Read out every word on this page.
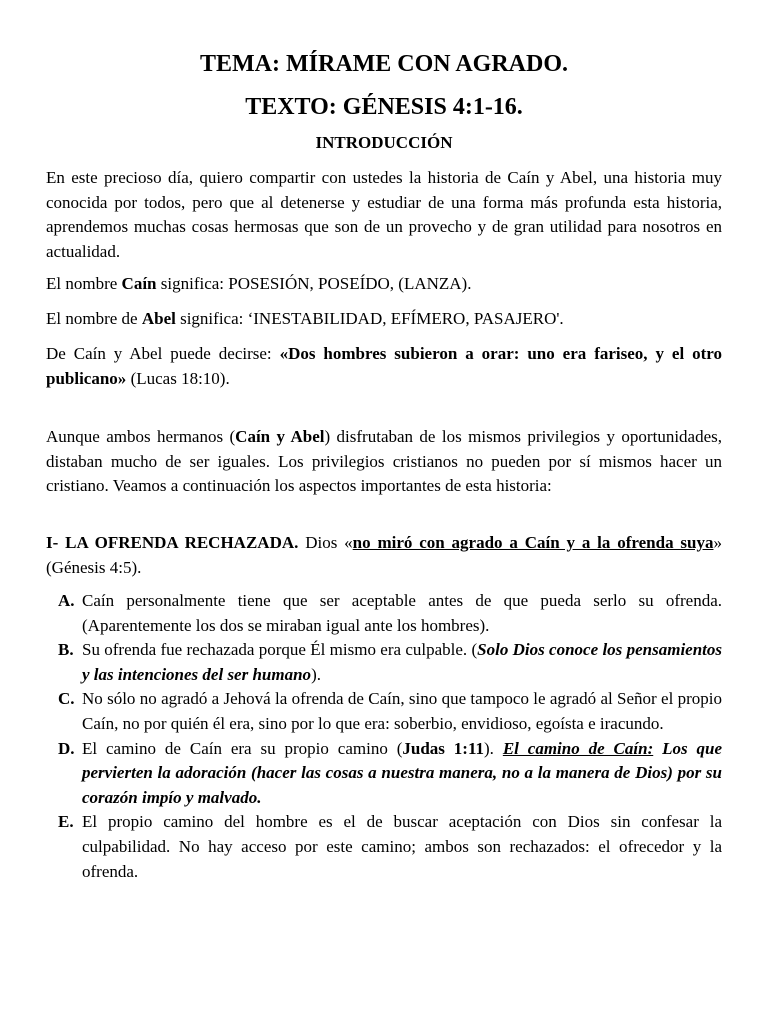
TEMA: MÍRAME CON AGRADO.
TEXTO: GÉNESIS 4:1-16.
INTRODUCCIÓN

En este precioso día, quiero compartir con ustedes la historia de Caín y Abel, una historia muy conocida por todos, pero que al detenerse y estudiar de una forma más profunda esta historia, aprendemos muchas cosas hermosas que son de un provecho y de gran utilidad para nosotros en actualidad.

El nombre Caín significa: POSESIÓN, POSEÍDO, (LANZA).

El nombre de Abel significa: ‘INESTABILIDAD, EFÍMERO, PASAJERO'.

De Caín y Abel puede decirse: «Dos hombres subieron a orar: uno era fariseo, y el otro publicano» (Lucas 18:10).

Aunque ambos hermanos (Caín y Abel) disfrutaban de los mismos privilegios y oportunidades, distaban mucho de ser iguales. Los privilegios cristianos no pueden por sí mismos hacer un cristiano. Veamos a continuación los aspectos importantes de esta historia:

I- LA OFRENDA RECHAZADA. Dios «no miró con agrado a Caín y a la ofrenda suya» (Génesis 4:5).

A. Caín personalmente tiene que ser aceptable antes de que pueda serlo su ofrenda. (Aparentemente los dos se miraban igual ante los hombres).
B. Su ofrenda fue rechazada porque Él mismo era culpable. (Solo Dios conoce los pensamientos y las intenciones del ser humano).
C. No sólo no agradó a Jehová la ofrenda de Caín, sino que tampoco le agradó al Señor el propio Caín, no por quién él era, sino por lo que era: soberbio, envidioso, egoísta e iracundo.
D. El camino de Caín era su propio camino (Judas 1:11). El camino de Caín: Los que pervierten la adoración (hacer las cosas a nuestra manera, no a la manera de Dios) por su corazón impío y malvado.
E. El propio camino del hombre es el de buscar aceptación con Dios sin confesar la culpabilidad. No hay acceso por este camino; ambos son rechazados: el ofrecedor y la ofrenda.
